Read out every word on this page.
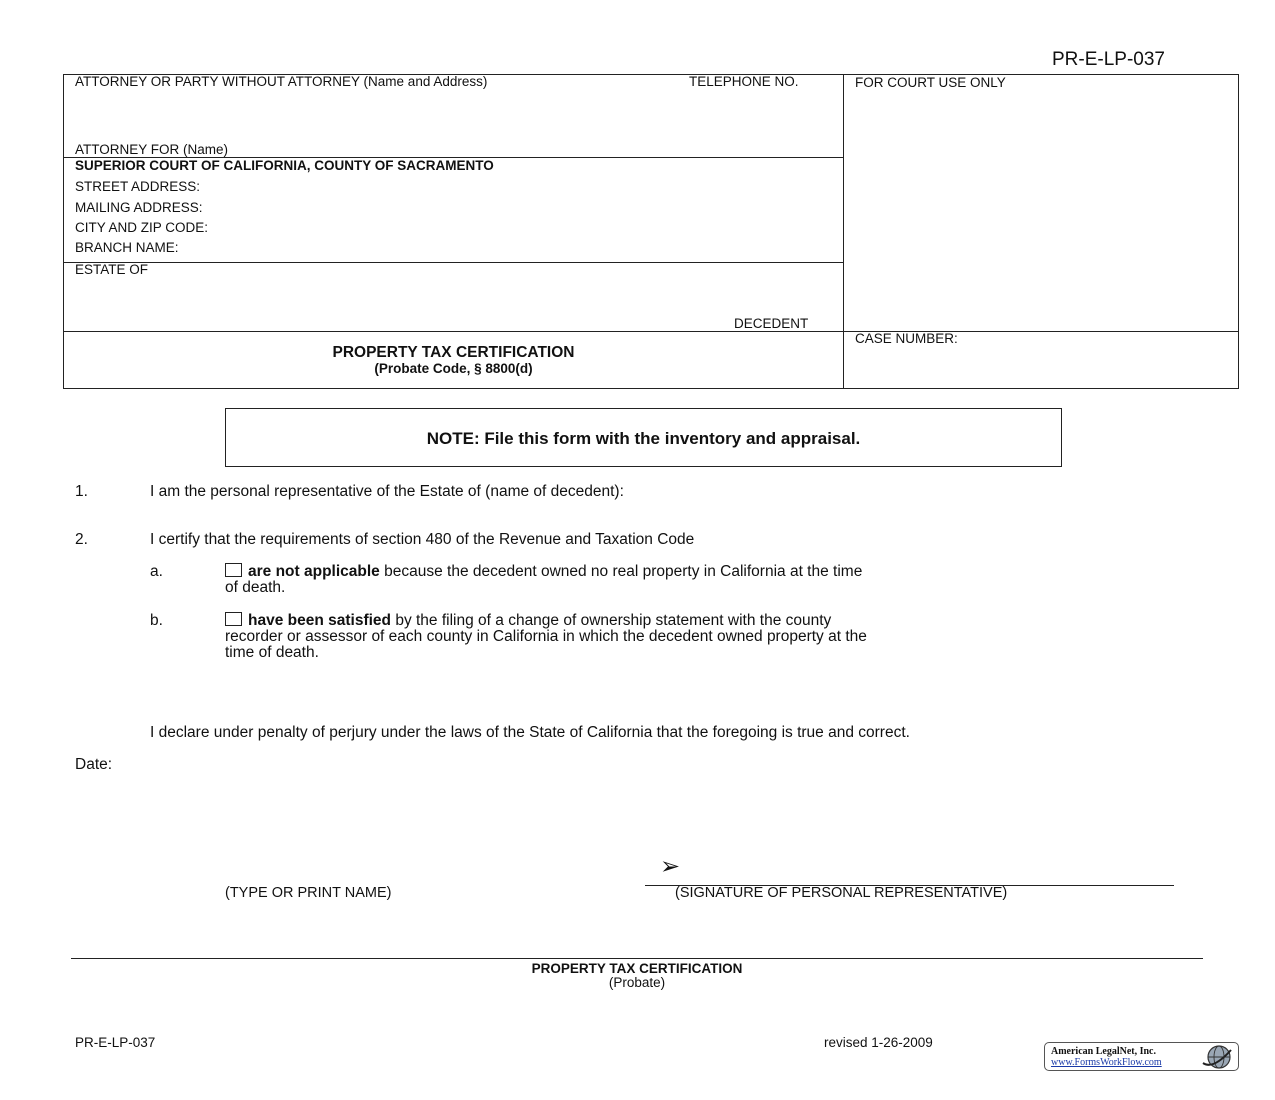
PR-E-LP-037
ATTORNEY OR PARTY WITHOUT ATTORNEY (Name and Address)	TELEPHONE NO.	FOR COURT USE ONLY
ATTORNEY FOR (Name)
SUPERIOR COURT OF CALIFORNIA, COUNTY OF SACRAMENTO
STREET ADDRESS:
MAILING ADDRESS:
CITY AND ZIP CODE:
BRANCH NAME:
ESTATE OF
DECEDENT
PROPERTY TAX CERTIFICATION
(Probate Code, § 8800(d)
CASE NUMBER:
NOTE: File this form with the inventory and appraisal.
1.	I am the personal representative of the Estate of (name of decedent):
2.	I certify that the requirements of section 480 of the Revenue and Taxation Code
a.	are not applicable because the decedent owned no real property in California at the time
of death.
b.	have been satisfied by the filing of a change of ownership statement with the county
recorder or assessor of each county in California in which the decedent owned property at the
time of death.
I declare under penalty of perjury under the laws of the State of California that the foregoing is true and correct.
Date:
➢
(TYPE OR PRINT NAME)	(SIGNATURE OF PERSONAL REPRESENTATIVE)
PROPERTY TAX CERTIFICATION
(Probate)
PR-E-LP-037	revised 1-26-2009
American LegalNet, Inc.
www.FormsWorkFlow.com
